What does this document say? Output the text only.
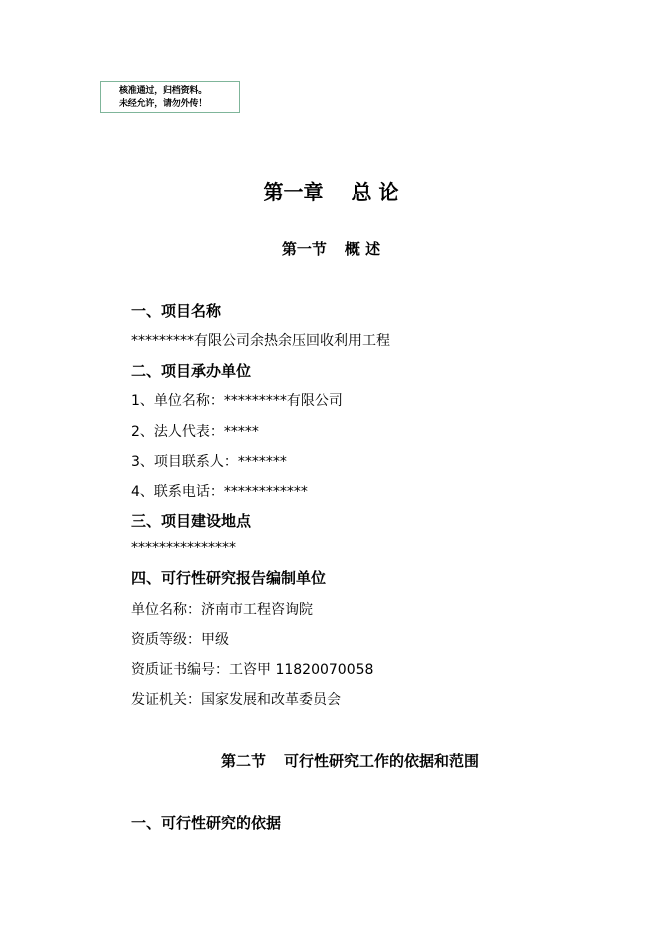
核准通过，归档资料。
未经允许，请勿外传！
第一章 总 论
第一节 概 述
一、项目名称
*********有限公司余热余压回收利用工程
二、项目承办单位
1、单位名称：*********有限公司
2、法人代表：*****
3、项目联系人：*******
4、联系电话：************
三、项目建设地点
***************
四、可行性研究报告编制单位
单位名称：济南市工程咨询院
资质等级：甲级
资质证书编号：工咨甲 11820070058
发证机关：国家发展和改革委员会
第二节 可行性研究工作的依据和范围
一、可行性研究的依据
